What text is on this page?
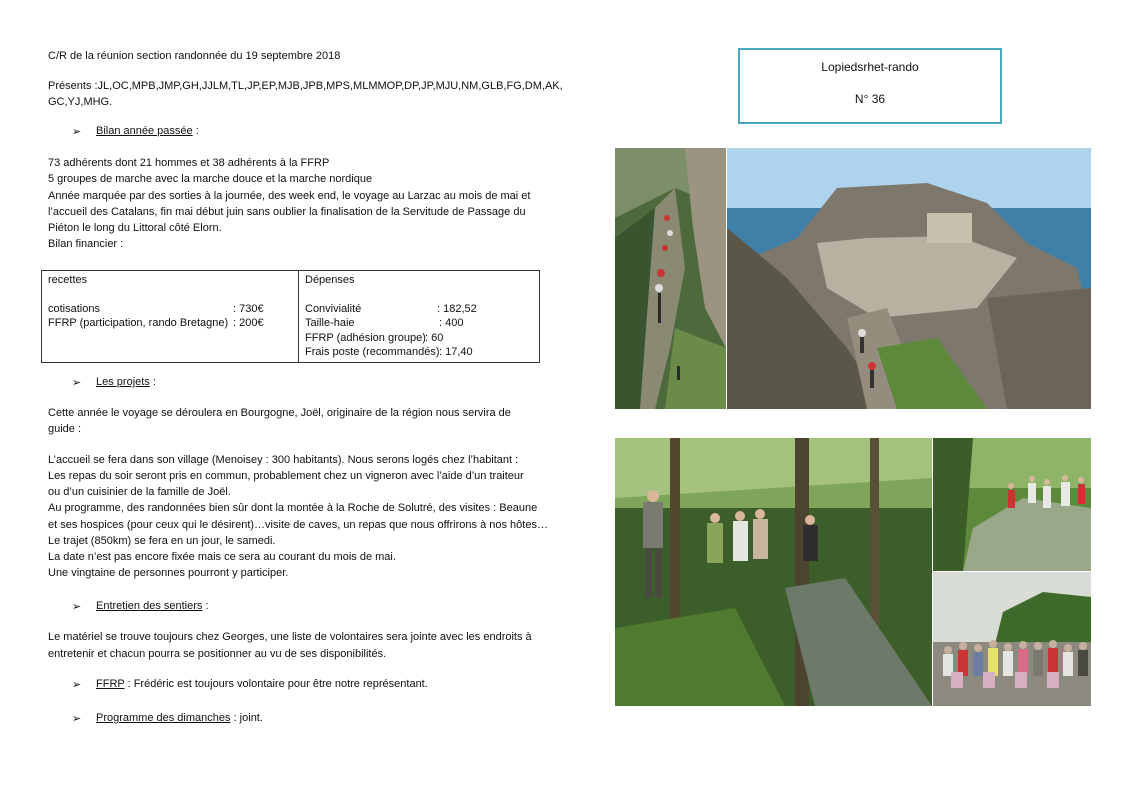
C/R de la réunion section randonnée du 19 septembre 2018
Présents :JL,OC,MPB,JMP,GH,JJLM,TL,JP,EP,MJB,JPB,MPS,MLMMOP,DP,JP,MJU,NM,GLB,FG,DM,AK,
GC,YJ,MHG.
➢ Bilan année passée :
73 adhérents dont 21 hommes et 38 adhérents à la FFRP
5 groupes de marche avec la marche douce et la marche nordique
Année marquée par des sorties à la journée, des week end, le voyage au Larzac au mois de mai et
l’accueil des Catalans, fin mai début juin sans oublier la finalisation de la Servitude de Passage du
Piéton le long du Littoral côté Elorn.
Bilan financier :
recettes
cotisations	: 730€
FFRP (participation, rando Bretagne) : 200€

Dépenses
Convivialité	: 182,52
Taille-haie	: 400
FFRP (adhésion groupe) : 60
Frais poste (recommandés) : 17,40
➢ Les projets :
Cette année le voyage se déroulera en Bourgogne, Joël, originaire de la région nous servira de
guide :
L’accueil se fera dans son village (Menoisey : 300 habitants). Nous serons logés chez l’habitant :
Les repas du soir seront pris en commun, probablement chez un vigneron avec l’aide d’un traiteur
ou d’un cuisinier de la famille de Joël.
Au programme, des randonnées bien sûr dont la montée à la Roche de Solutré, des visites : Beaune
et ses hospices (pour ceux qui le désirent)…visite de caves, un repas que nous offrirons à nos hôtes…
Le trajet (850km) se fera en un jour, le samedi.
La date n’est pas encore fixée mais ce sera au courant du mois de mai.
Une vingtaine de personnes pourront y participer.
➢ Entretien des sentiers :
Le matériel se trouve toujours chez Georges, une liste de volontaires sera jointe avec les endroits à
entretenir et chacun pourra se positionner au vu de ses disponibilités.
➢ FFRP : Frédéric est toujours volontaire pour être notre représentant.
➢ Programme des dimanches : joint.
Lopiedsrhet-rando
N° 36
